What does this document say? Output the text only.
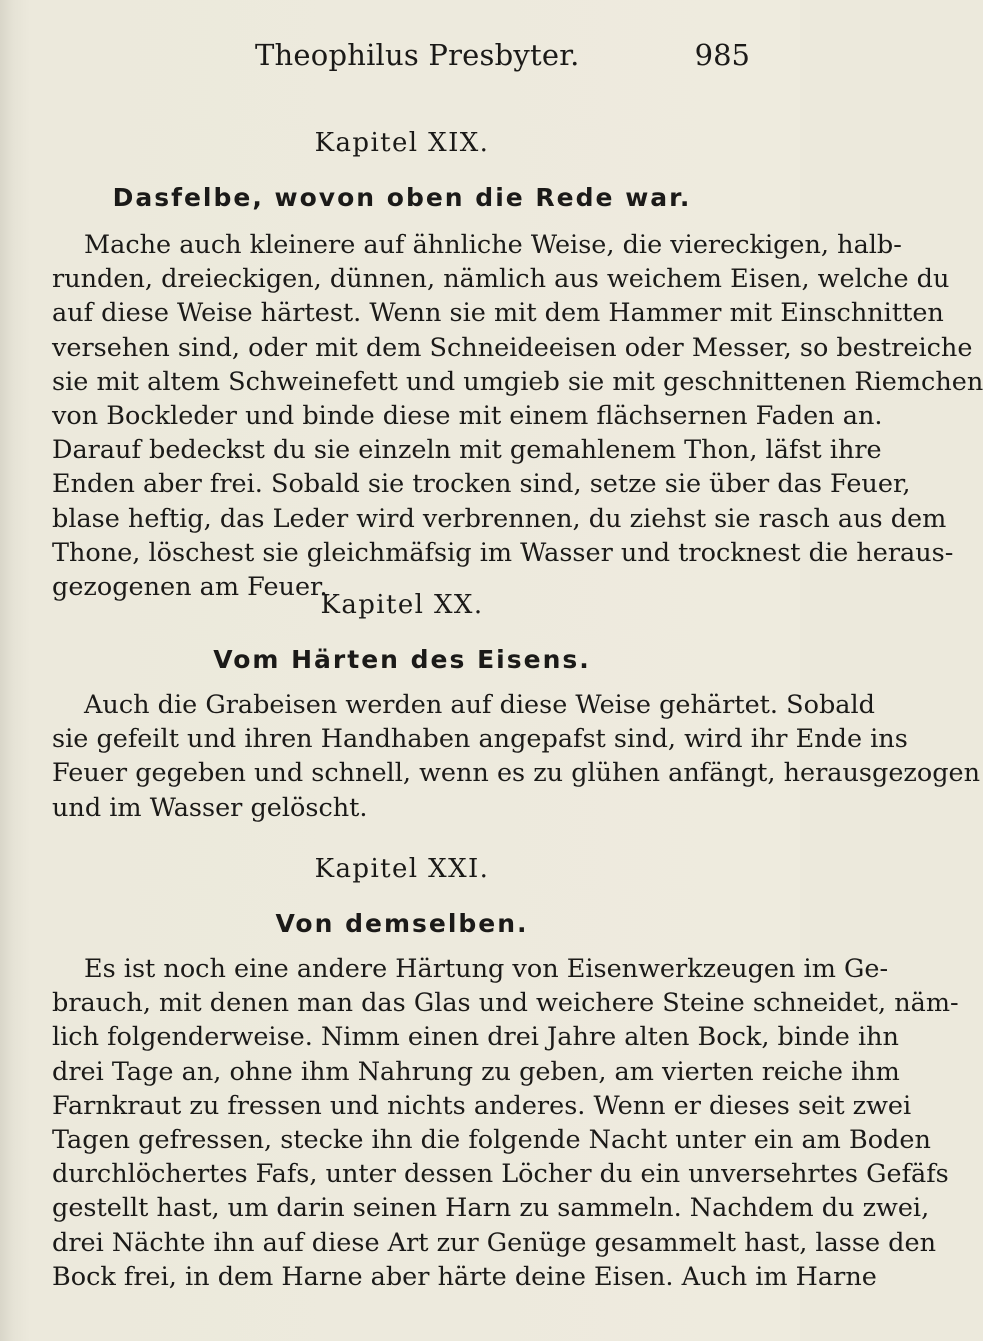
Theophilus Presbyter.	985
Kapitel XIX.
Dasfelbe, wovon oben die Rede war.
Mache auch kleinere auf ähnliche Weise, die viereckigen, halb-
runden, dreieckigen, dünnen, nämlich aus weichem Eisen, welche du
auf diese Weise härtest. Wenn sie mit dem Hammer mit Einschnitten
versehen sind, oder mit dem Schneideeisen oder Messer, so bestreiche
sie mit altem Schweinefett und umgieb sie mit geschnittenen Riemchen
von Bockleder und binde diese mit einem flächsernen Faden an.
Darauf bedeckst du sie einzeln mit gemahlenem Thon, läfst ihre
Enden aber frei. Sobald sie trocken sind, setze sie über das Feuer,
blase heftig, das Leder wird verbrennen, du ziehst sie rasch aus dem
Thone, löschest sie gleichmäfsig im Wasser und trocknest die heraus-
gezogenen am Feuer.
Kapitel XX.
Vom Härten des Eisens.
Auch die Grabeisen werden auf diese Weise gehärtet. Sobald
sie gefeilt und ihren Handhaben angepafst sind, wird ihr Ende ins
Feuer gegeben und schnell, wenn es zu glühen anfängt, herausgezogen
und im Wasser gelöscht.
Kapitel XXI.
Von demselben.
Es ist noch eine andere Härtung von Eisenwerkzeugen im Ge-
brauch, mit denen man das Glas und weichere Steine schneidet, näm-
lich folgenderweise. Nimm einen drei Jahre alten Bock, binde ihn
drei Tage an, ohne ihm Nahrung zu geben, am vierten reiche ihm
Farnkraut zu fressen und nichts anderes. Wenn er dieses seit zwei
Tagen gefressen, stecke ihn die folgende Nacht unter ein am Boden
durchlöchertes Fafs, unter dessen Löcher du ein unversehrtes Gefäfs
gestellt hast, um darin seinen Harn zu sammeln. Nachdem du zwei,
drei Nächte ihn auf diese Art zur Genüge gesammelt hast, lasse den
Bock frei, in dem Harne aber härte deine Eisen. Auch im Harne
